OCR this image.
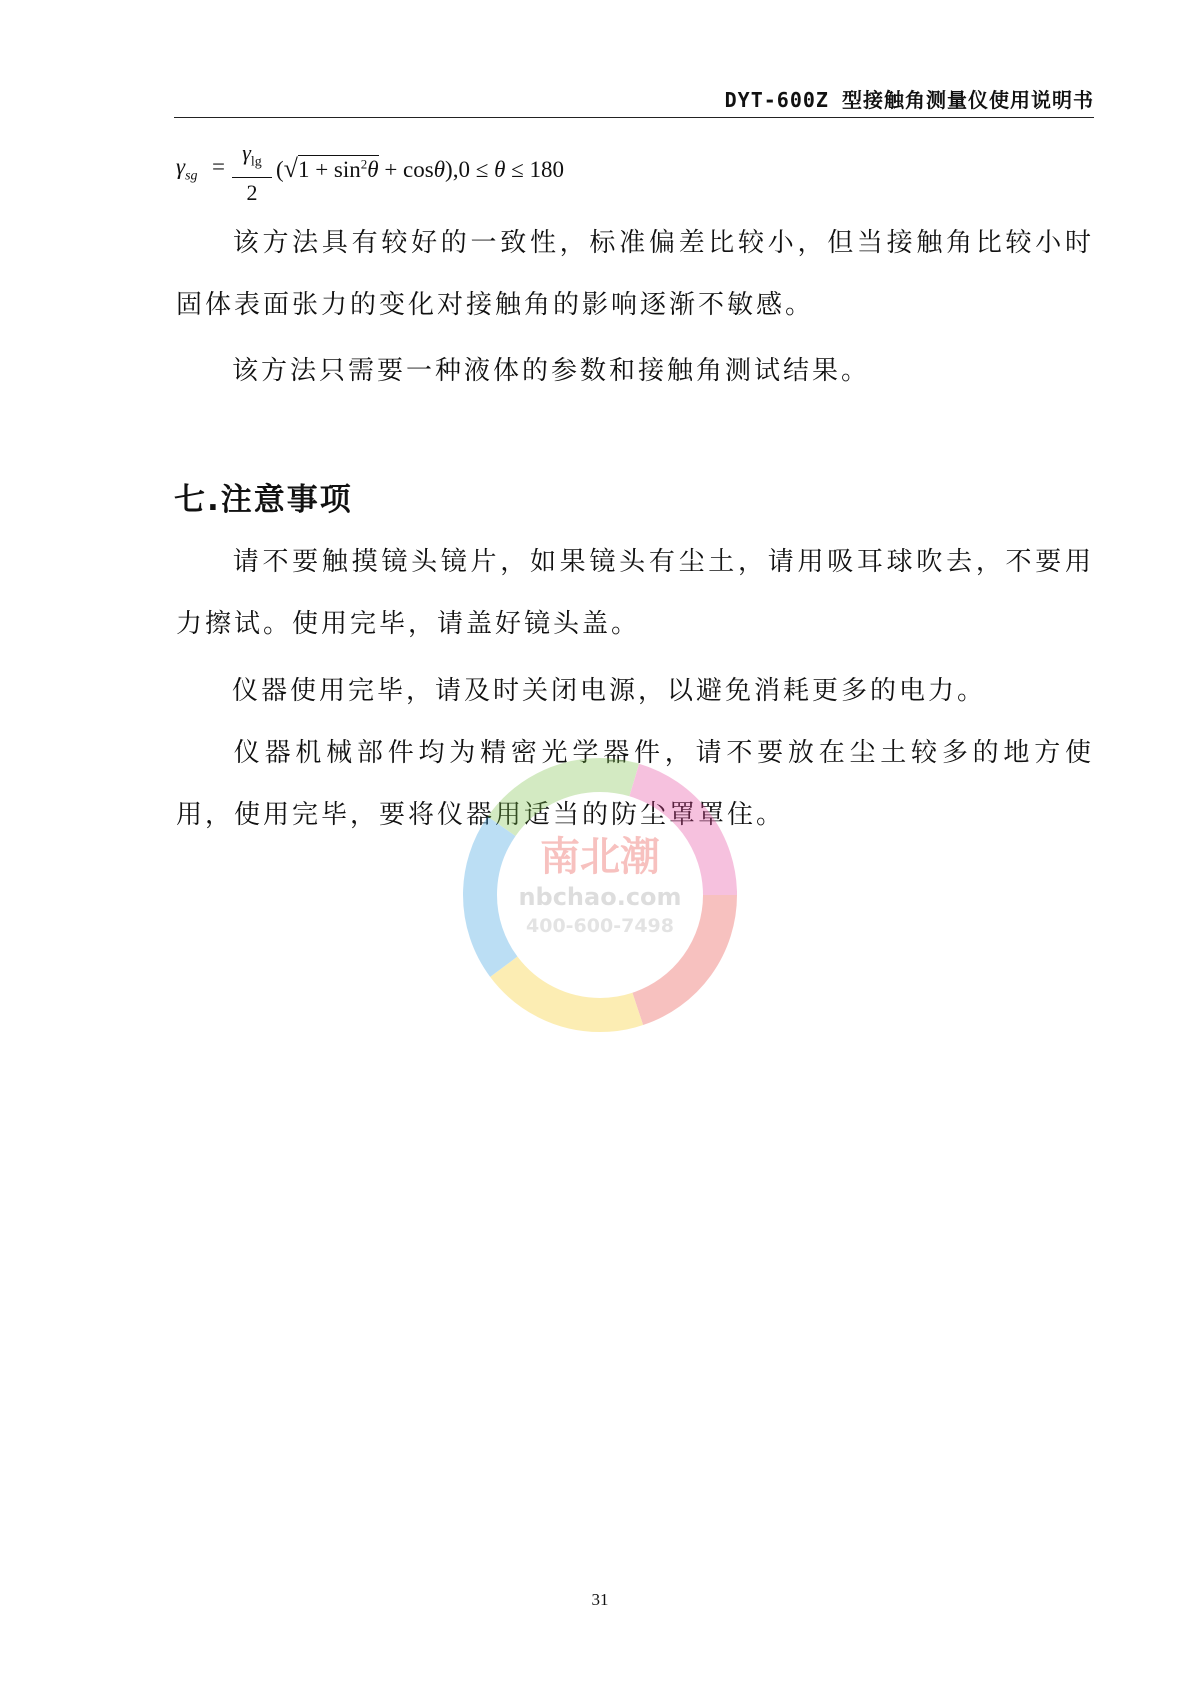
DYT-600Z 型接触角测量仪使用说明书
$\gamma_{sg}$ =
$\gamma_{lg}$
2
$(√1 + \sin^2\theta + \cos\theta),0 \le \theta \le 180$
该方法具有较好的一致性，标准偏差比较小，但当接触角比较小时固体表面张力的变化对接触角的影响逐渐不敏感。
该方法只需要一种液体的参数和接触角测试结果。
七.注意事项
请不要触摸镜头镜片，如果镜头有尘土，请用吸耳球吹去，不要用力擦试。使用完毕，请盖好镜头盖。
仪器使用完毕，请及时关闭电源，以避免消耗更多的电力。
仪器机械部件均为精密光学器件，请不要放在尘土较多的地方使用，使用完毕，要将仪器用适当的防尘罩罩住。
南北潮
nbchao.com
400-600-7498
31
